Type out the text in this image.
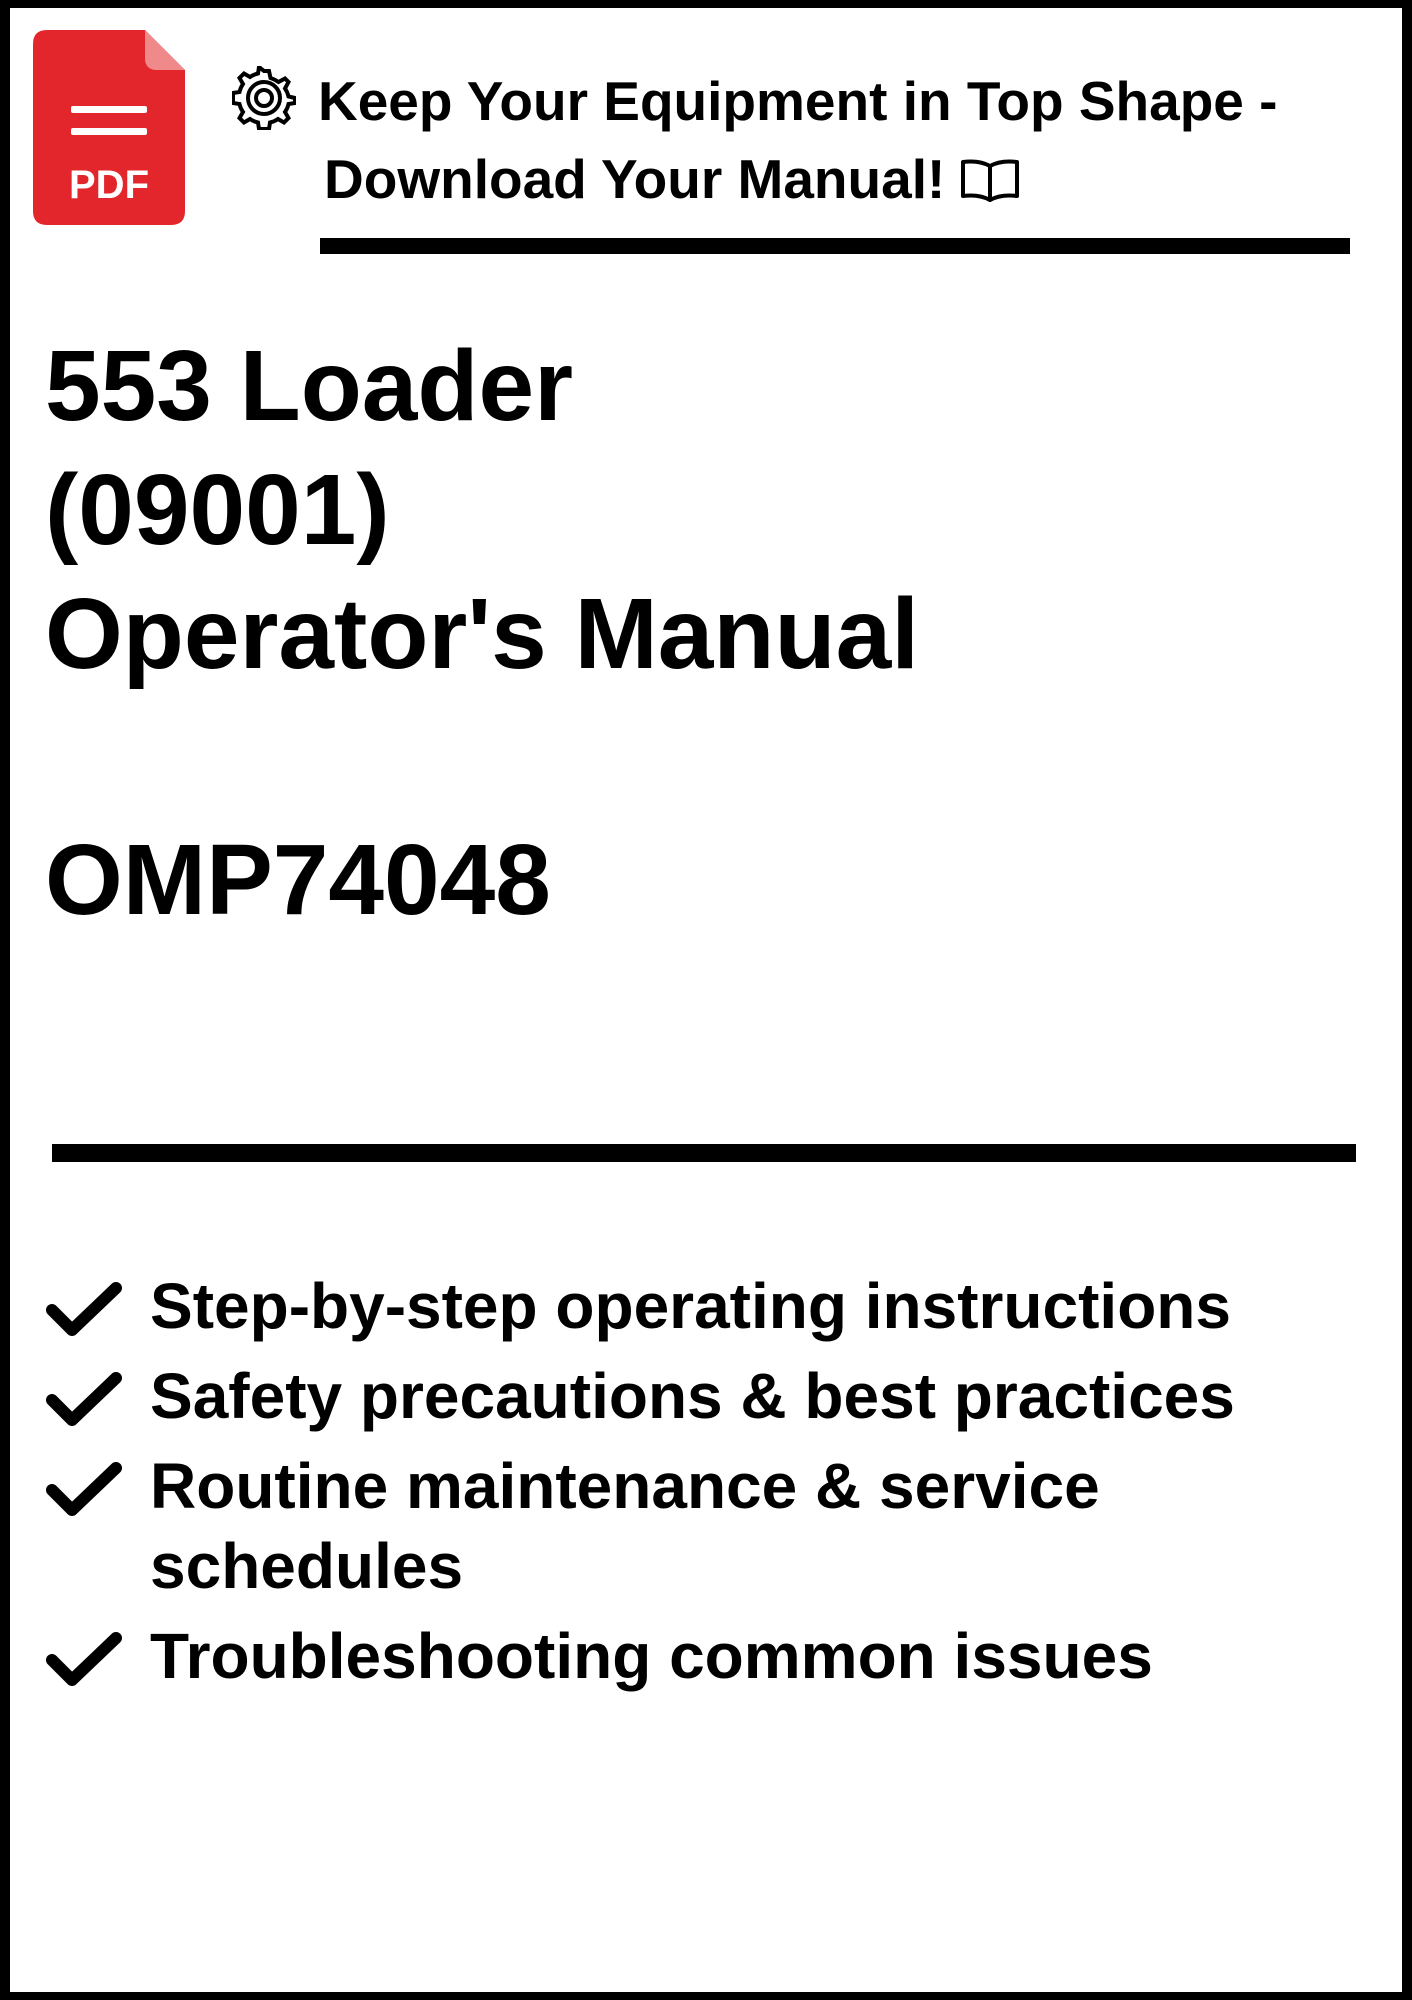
PDF
Keep Your Equipment in Top Shape -
Download Your Manual!
553 Loader
(09001)
Operator's Manual
OMP74048
Step-by-step operating instructions
Safety precautions & best practices
Routine maintenance & service schedules
Troubleshooting common issues
